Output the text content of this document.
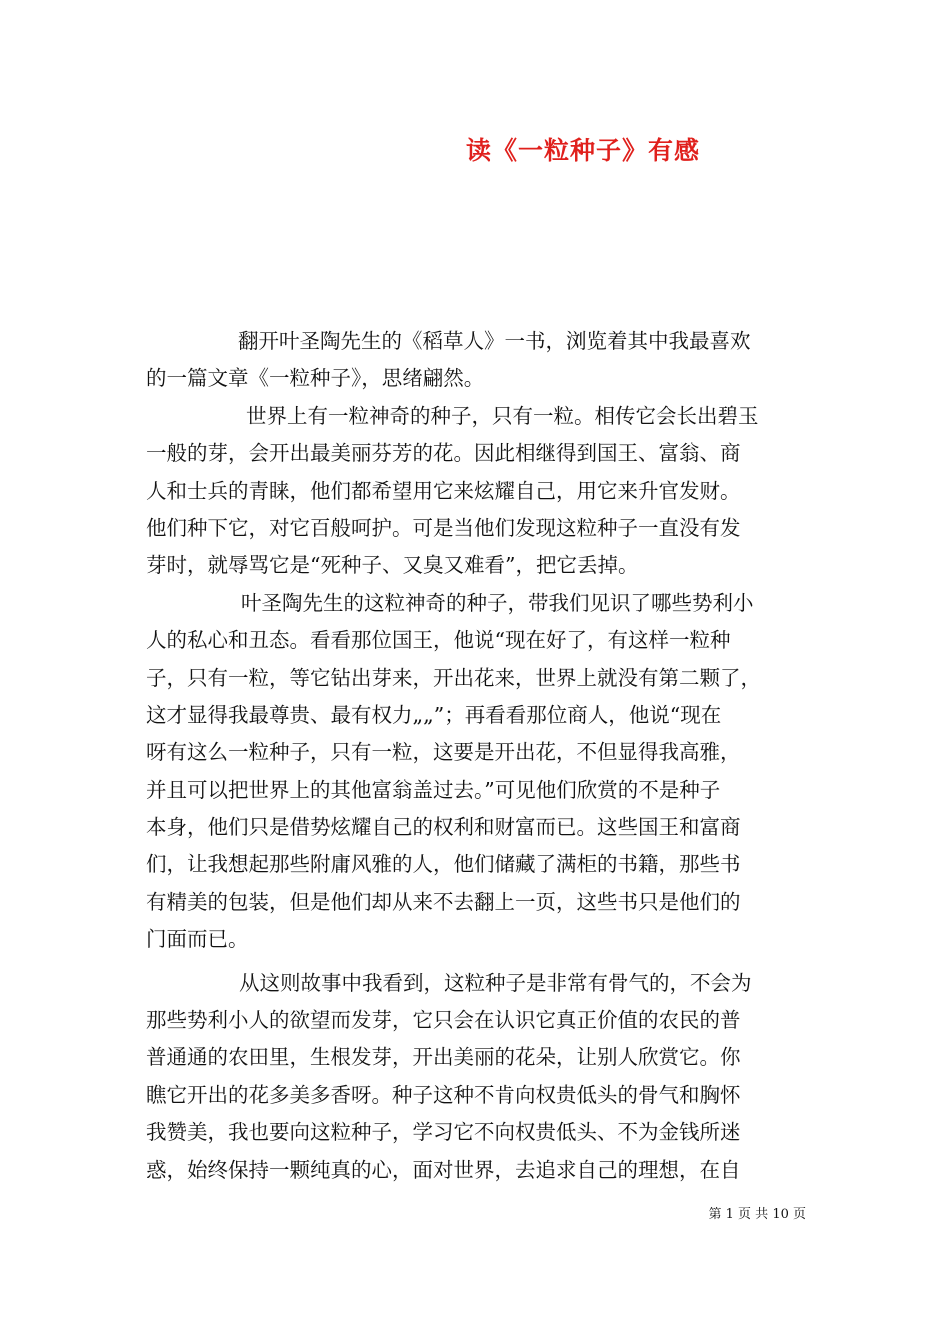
读《一粒种子》有感
翻开叶圣陶先生的《稻草人》一书，浏览着其中我最喜欢
的一篇文章《一粒种子》，思绪翩然。
世界上有一粒神奇的种子，只有一粒。相传它会长出碧玉
一般的芽，会开出最美丽芬芳的花。因此相继得到国王、富翁、商
人和士兵的青睐，他们都希望用它来炫耀自己，用它来升官发财。
他们种下它，对它百般呵护。可是当他们发现这粒种子一直没有发
芽时，就辱骂它是“死种子、又臭又难看”，把它丢掉。
叶圣陶先生的这粒神奇的种子，带我们见识了哪些势利小
人的私心和丑态。看看那位国王，他说“现在好了，有这样一粒种
子，只有一粒，等它钻出芽来，开出花来，世界上就没有第二颗了，
这才显得我最尊贵、最有权力„„”；再看看那位商人，他说“现在
呀有这么一粒种子，只有一粒，这要是开出花，不但显得我高雅，
并且可以把世界上的其他富翁盖过去。”可见他们欣赏的不是种子
本身，他们只是借势炫耀自己的权利和财富而已。这些国王和富商
们，让我想起那些附庸风雅的人，他们储藏了满柜的书籍，那些书
有精美的包装，但是他们却从来不去翻上一页，这些书只是他们的
门面而已。
从这则故事中我看到，这粒种子是非常有骨气的，不会为
那些势利小人的欲望而发芽，它只会在认识它真正价值的农民的普
普通通的农田里，生根发芽，开出美丽的花朵，让别人欣赏它。你
瞧它开出的花多美多香呀。种子这种不肯向权贵低头的骨气和胸怀
我赞美，我也要向这粒种子，学习它不向权贵低头、不为金钱所迷
惑，始终保持一颗纯真的心，面对世界，去追求自己的理想，在自
第 1 页 共 10 页
